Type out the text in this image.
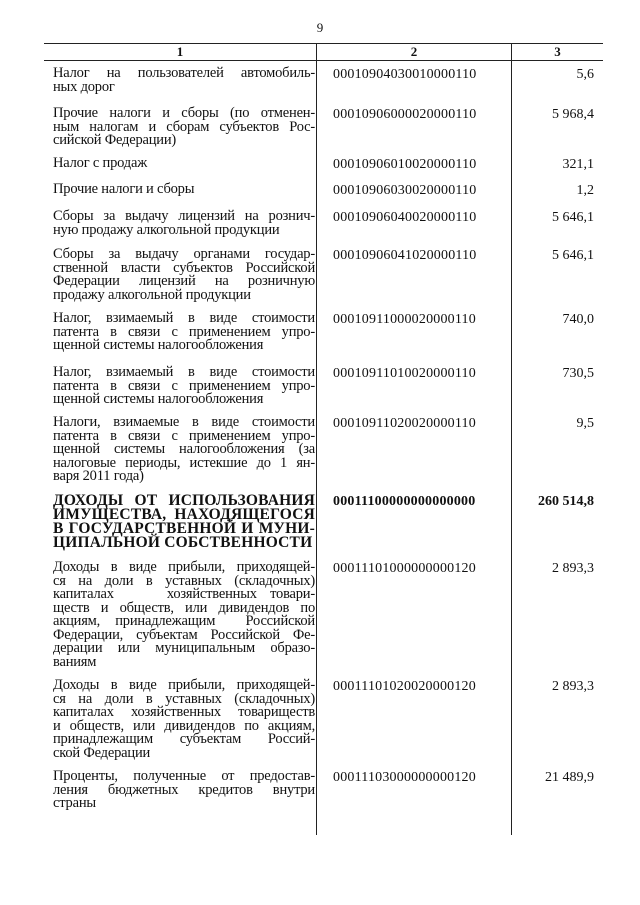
9
1	2	3
Налог на пользователей автомобиль-
ных дорог
00010904030010000110	5,6
Прочие налоги и сборы (по отменен-
ным налогам и сборам субъектов Рос-
сийской Федерации)
00010906000020000110	5 968,4
Налог с продаж	00010906010020000110	321,1
Прочие налоги и сборы	00010906030020000110	1,2
Сборы за выдачу лицензий на рознич-
ную продажу алкогольной продукции
00010906040020000110	5 646,1
Сборы за выдачу органами государ-
ственной власти субъектов Российской
Федерации лицензий на розничную
продажу алкогольной продукции
00010906041020000110	5 646,1
Налог, взимаемый в виде стоимости
патента в связи с применением упро-
щенной системы налогообложения
00010911000020000110	740,0
Налог, взимаемый в виде стоимости
патента в связи с применением упро-
щенной системы налогообложения
00010911010020000110	730,5
Налоги, взимаемые в виде стоимости
патента в связи с применением упро-
щенной системы налогообложения (за
налоговые периоды, истекшие до 1 ян-
варя 2011 года)
00010911020020000110	9,5
ДОХОДЫ ОТ ИСПОЛЬЗОВАНИЯ
ИМУЩЕСТВА, НАХОДЯЩЕГОСЯ
В ГОСУДАРСТВЕННОЙ И МУНИ-
ЦИПАЛЬНОЙ СОБСТВЕННОСТИ
00011100000000000000	260 514,8
Доходы в виде прибыли, приходящей-
ся на доли в уставных (складочных)
капиталах    хозяйственных товари-
ществ и обществ, или дивидендов по
акциям, принадлежащим  Российской
Федерации, субъектам Российской Фе-
дерации или муниципальным образо-
ваниям
00011101000000000120	2 893,3
Доходы в виде прибыли, приходящей-
ся на доли в уставных (складочных)
капиталах хозяйственных товариществ
и обществ, или дивидендов по акциям,
принадлежащим субъектам Россий-
ской Федерации
00011101020020000120	2 893,3
Проценты, полученные от предостав-
ления бюджетных кредитов внутри
страны
00011103000000000120	21 489,9
